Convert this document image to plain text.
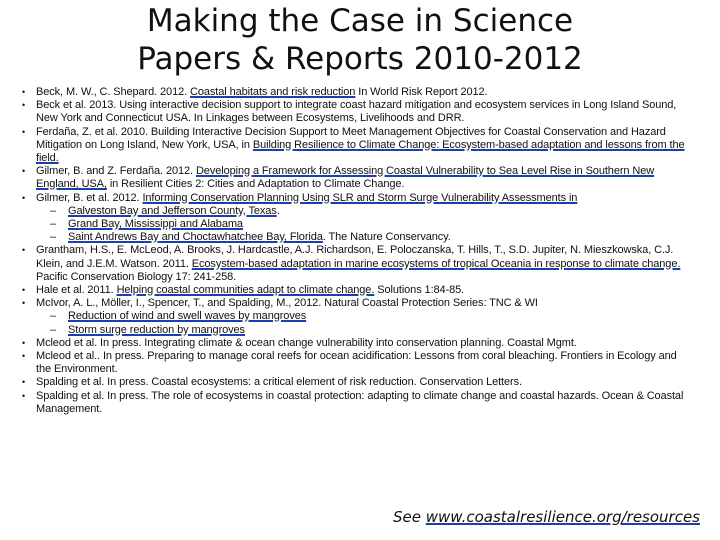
Making the Case in Science
Papers & Reports 2010-2012
• Beck, M. W., C. Shepard. 2012. Coastal habitats and risk reduction In World Risk Report 2012.
• Beck et al. 2013. Using interactive decision support to integrate coast hazard mitigation and ecosystem services in Long Island Sound, New York and Connecticut USA. In Linkages between Ecosystems, Livelihoods and DRR.
• Ferdaña, Z. et al. 2010. Building Interactive Decision Support to Meet Management Objectives for Coastal Conservation and Hazard Mitigation on Long Island, New York, USA, in Building Resilience to Climate Change: Ecosystem-based adaptation and lessons from the field.
• Gilmer, B. and Z. Ferdaña. 2012. Developing a Framework for Assessing Coastal Vulnerability to Sea Level Rise in Southern New England, USA, in Resilient Cities 2: Cities and Adaptation to Climate Change.
• Gilmer, B. et al. 2012. Informing Conservation Planning Using SLR and Storm Surge Vulnerability Assessments in
– Galveston Bay and Jefferson County, Texas.
– Grand Bay, Mississippi and Alabama
– Saint Andrews Bay and Choctawhatchee Bay, Florida. The Nature Conservancy.
• Grantham, H.S., E. McLeod, A. Brooks, J. Hardcastle, A.J. Richardson, E. Poloczanska, T. Hills, T., S.D. Jupiter, N. Mieszkowska, C.J. Klein, and J.E.M. Watson. 2011. Ecosystem-based adaptation in marine ecosystems of tropical Oceania in response to climate change. Pacific Conservation Biology 17: 241-258.
• Hale et al. 2011. Helping coastal communities adapt to climate change. Solutions 1:84-85.
• McIvor, A. L., Möller, I., Spencer, T., and Spalding, M., 2012. Natural Coastal Protection Series: TNC & WI
– Reduction of wind and swell waves by mangroves
– Storm surge reduction by mangroves
• Mcleod et al. In press. Integrating climate & ocean change vulnerability into conservation planning. Coastal Mgmt.
• Mcleod et al.. In press. Preparing to manage coral reefs for ocean acidification: Lessons from coral bleaching. Frontiers in Ecology and the Environment.
• Spalding et al. In press. Coastal ecosystems: a critical element of risk reduction. Conservation Letters.
• Spalding et al. In press. The role of ecosystems in coastal protection: adapting to climate change and coastal hazards. Ocean & Coastal Management.
See www.coastalresilience.org/resources
